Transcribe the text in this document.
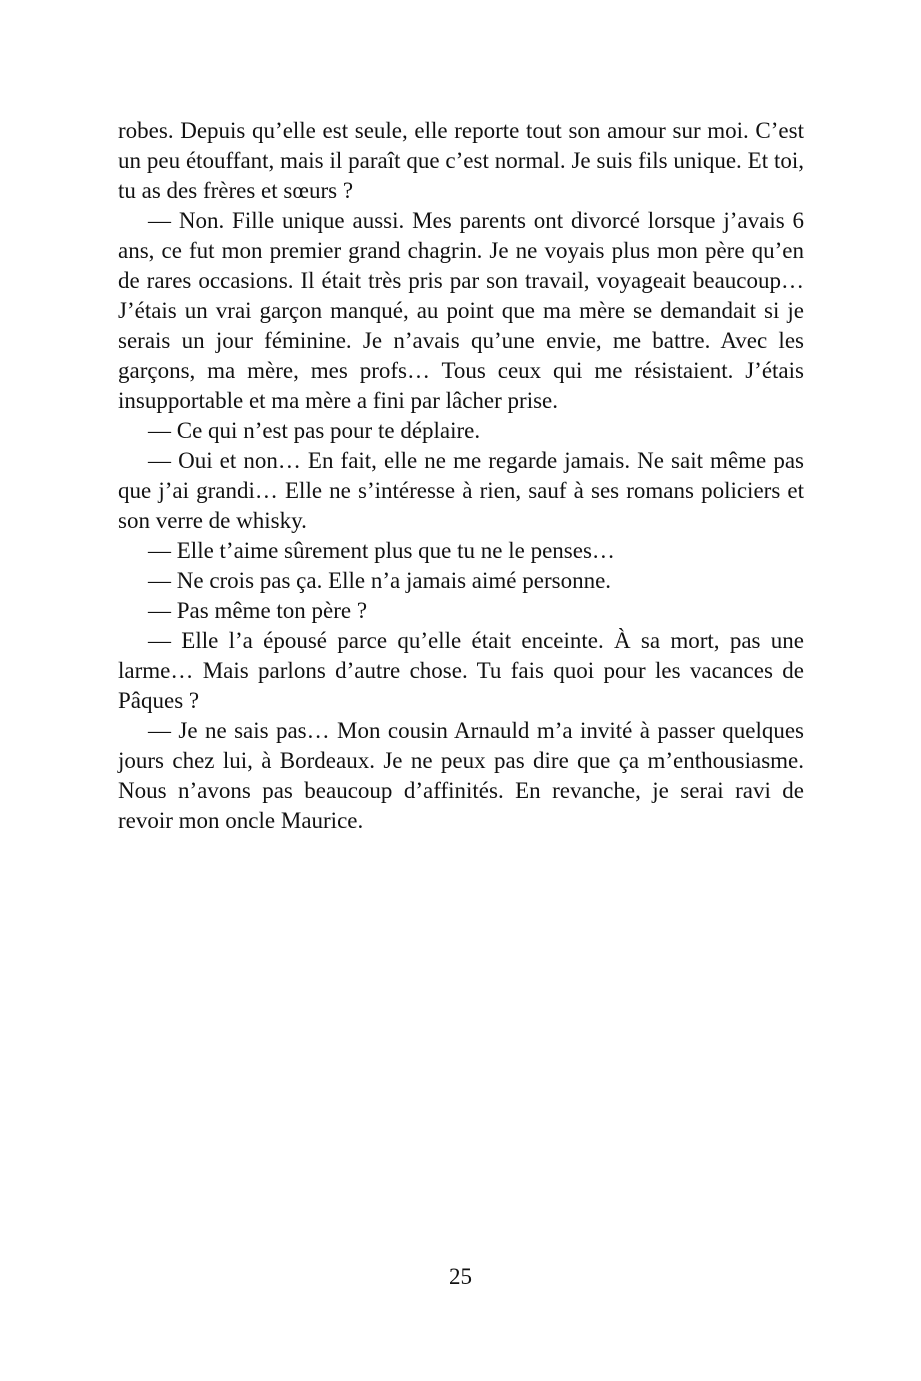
robes. Depuis qu’elle est seule, elle reporte tout son amour sur moi. C’est un peu étouffant, mais il paraît que c’est normal. Je suis fils unique. Et toi, tu as des frères et sœurs ?

— Non. Fille unique aussi. Mes parents ont divorcé lorsque j’avais 6 ans, ce fut mon premier grand chagrin. Je ne voyais plus mon père qu’en de rares occasions. Il était très pris par son travail, voyageait beaucoup… J’étais un vrai garçon manqué, au point que ma mère se demandait si je serais un jour féminine. Je n’avais qu’une envie, me battre. Avec les garçons, ma mère, mes profs… Tous ceux qui me résistaient. J’étais insupportable et ma mère a fini par lâcher prise.

— Ce qui n’est pas pour te déplaire.

— Oui et non… En fait, elle ne me regarde jamais. Ne sait même pas que j’ai grandi… Elle ne s’intéresse à rien, sauf à ses romans policiers et son verre de whisky.

— Elle t’aime sûrement plus que tu ne le penses…

— Ne crois pas ça. Elle n’a jamais aimé personne.

— Pas même ton père ?

— Elle l’a épousé parce qu’elle était enceinte. À sa mort, pas une larme… Mais parlons d’autre chose. Tu fais quoi pour les vacances de Pâques ?

— Je ne sais pas… Mon cousin Arnauld m’a invité à passer quelques jours chez lui, à Bordeaux. Je ne peux pas dire que ça m’enthousiasme. Nous n’avons pas beaucoup d’affinités. En revanche, je serai ravi de revoir mon oncle Maurice.

25
